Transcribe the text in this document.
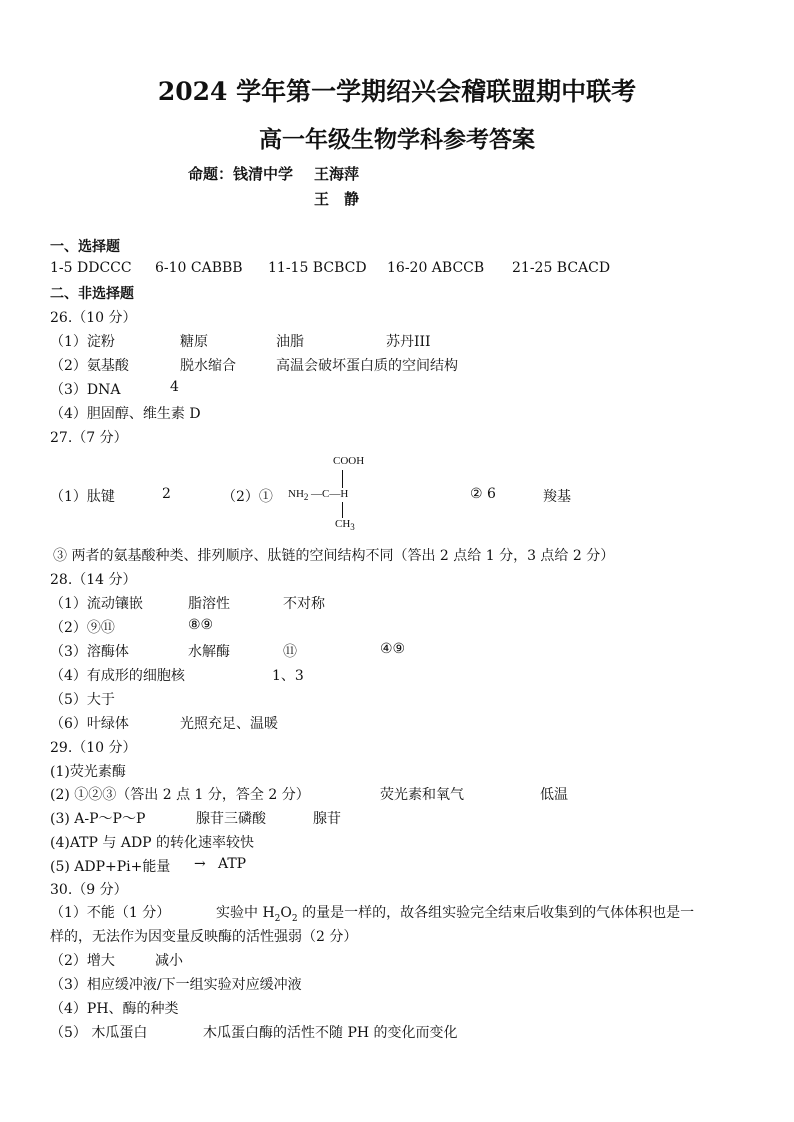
2024 学年第一学期绍兴会稽联盟期中联考
高一年级生物学科参考答案
命题：钱清中学 王海萍
王　静
一、选择题
1-5 DDCCC 6-10 CABBB 11-15 BCBCD 16-20 ABCCB 21-25 BCACD
二、非选择题
26.（10 分）
（1）淀粉	糖原	油脂	苏丹III
（2）氨基酸	脱水缩合	高温会破坏蛋白质的空间结构
（3）DNA	4
（4）胆固醇、维生素 D
27.（7 分）
（1）肽键	2	（2）①	② 6	羧基
COOH
$NH_2$ —C—H
$CH_3$
③ 两者的氨基酸种类、排列顺序、肽链的空间结构不同（答出 2 点给 1 分，3 点给 2 分）
28.（14 分）
（1）流动镶嵌	脂溶性	不对称
（2）⑨⑪	⑧⑨
（3）溶酶体	水解酶	⑪	④⑨
（4）有成形的细胞核	1、3
（5）大于
（6）叶绿体	光照充足、温暖
29.（10 分）
(1)荧光素酶
(2) ①②③（答出 2 点 1 分，答全 2 分）	荧光素和氧气	低温
(3) A-P～P～P	腺苷三磷酸	腺苷
(4)ATP 与 ADP 的转化速率较快
(5) ADP+Pi+能量 → ATP
30.（9 分）
（1）不能（1 分）	实验中 $H_2O_2$ 的量是一样的，故各组实验完全结束后收集到的气体体积也是一
样的，无法作为因变量反映酶的活性强弱（2 分）
（2）增大	减小
（3）相应缓冲液/下一组实验对应缓冲液
（4）PH、酶的种类
（5） 木瓜蛋白	木瓜蛋白酶的活性不随 PH 的变化而变化
